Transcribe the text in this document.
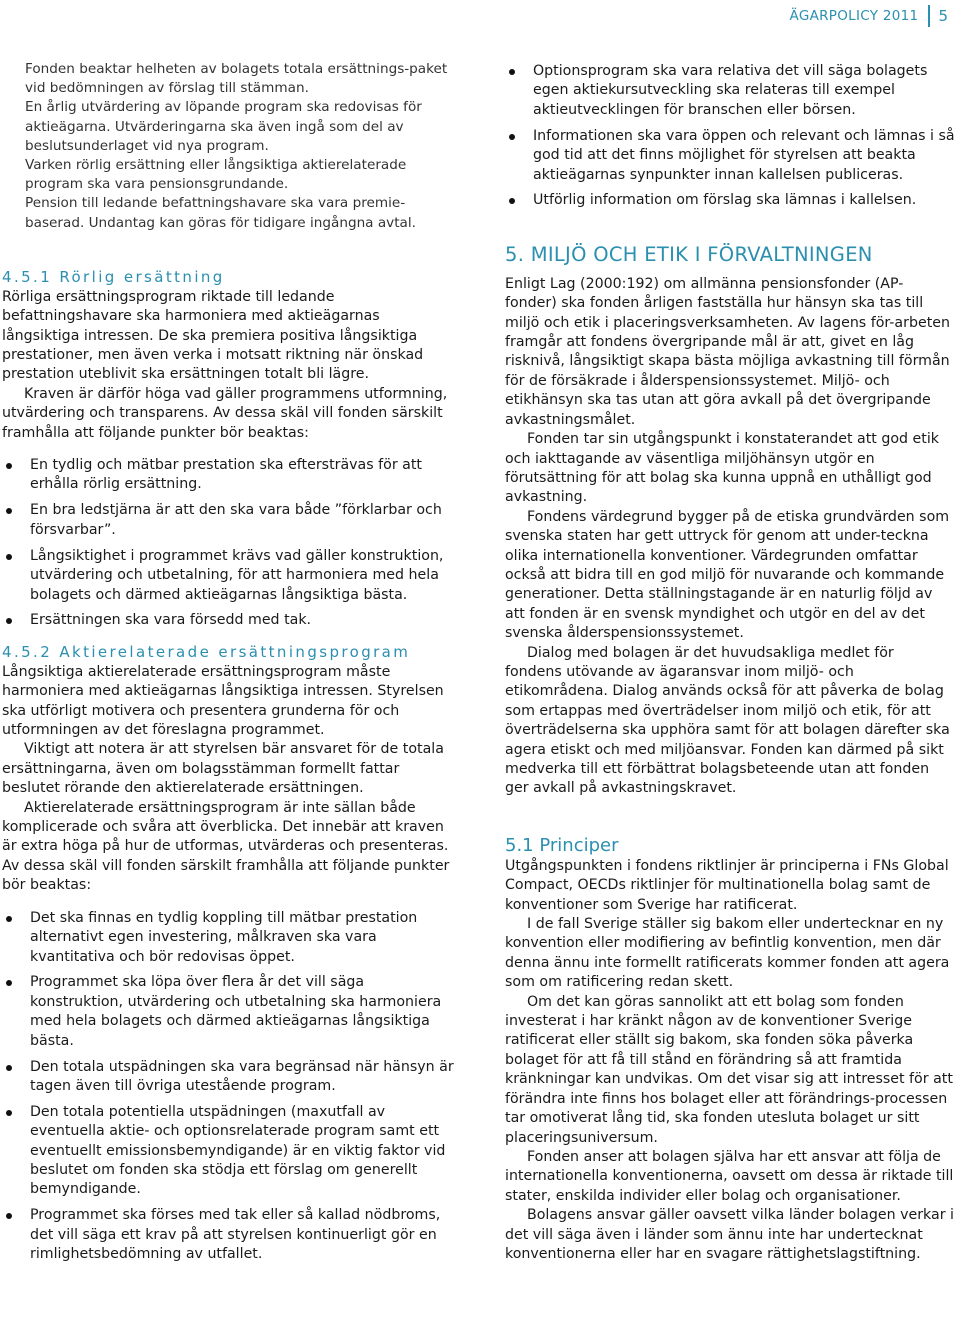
ÄGARPOLICY 2011 5

Fonden beaktar helheten av bolagets totala ersättnings-paket vid bedömningen av förslag till stämman.

En årlig utvärdering av löpande program ska redovisas för aktieägarna. Utvärderingarna ska även ingå som del av beslutsunderlaget vid nya program.

Varken rörlig ersättning eller långsiktiga aktierelaterade program ska vara pensionsgrundande.

Pension till ledande befattningshavare ska vara premie-baserad. Undantag kan göras för tidigare ingångna avtal.

4.5.1 Rörlig ersättning

Rörliga ersättningsprogram riktade till ledande befattningshavare ska harmoniera med aktieägarnas långsiktiga intressen. De ska premiera positiva långsiktiga prestationer, men även verka i motsatt riktning när önskad prestation uteblivit ska ersättningen totalt bli lägre.

Kraven är därför höga vad gäller programmens utformning, utvärdering och transparens. Av dessa skäl vill fonden särskilt framhålla att följande punkter bör beaktas:

En tydlig och mätbar prestation ska eftersträvas för att erhålla rörlig ersättning.
En bra ledstjärna är att den ska vara både ”förklarbar och försvarbar”.
Långsiktighet i programmet krävs vad gäller konstruktion, utvärdering och utbetalning, för att harmoniera med hela bolagets och därmed aktieägarnas långsiktiga bästa.
Ersättningen ska vara försedd med tak.
4.5.2 Aktierelaterade ersättningsprogram

Långsiktiga aktierelaterade ersättningsprogram måste harmoniera med aktieägarnas långsiktiga intressen. Styrelsen ska utförligt motivera och presentera grunderna för och utformningen av det föreslagna programmet.

Viktigt att notera är att styrelsen bär ansvaret för de totala ersättningarna, även om bolagsstämman formellt fattar beslutet rörande den aktierelaterade ersättningen.

Aktierelaterade ersättningsprogram är inte sällan både komplicerade och svåra att överblicka. Det innebär att kraven är extra höga på hur de utformas, utvärderas och presenteras. Av dessa skäl vill fonden särskilt framhålla att följande punkter bör beaktas:

Det ska finnas en tydlig koppling till mätbar prestation alternativt egen investering, målkraven ska vara kvantitativa och bör redovisas öppet.
Programmet ska löpa över flera år det vill säga konstruktion, utvärdering och utbetalning ska harmoniera med hela bolagets och därmed aktieägarnas långsiktiga bästa.
Den totala utspädningen ska vara begränsad när hänsyn är tagen även till övriga utestående program.
Den totala potentiella utspädningen (maxutfall av eventuella aktie- och optionsrelaterade program samt ett eventuellt emissionsbemyndigande) är en viktig faktor vid beslutet om fonden ska stödja ett förslag om generellt bemyndigande.
Programmet ska förses med tak eller så kallad nödbroms, det vill säga ett krav på att styrelsen kontinuerligt gör en rimlighetsbedömning av utfallet.
Optionsprogram ska vara relativa det vill säga bolagets egen aktiekursutveckling ska relateras till exempel aktieutvecklingen för branschen eller börsen.
Informationen ska vara öppen och relevant och lämnas i så god tid att det finns möjlighet för styrelsen att beakta aktieägarnas synpunkter innan kallelsen publiceras.
Utförlig information om förslag ska lämnas i kallelsen.
5. MILJÖ OCH ETIK I FÖRVALTNINGEN

Enligt Lag (2000:192) om allmänna pensionsfonder (AP-fonder) ska fonden årligen fastställa hur hänsyn ska tas till miljö och etik i placeringsverksamheten. Av lagens för-arbeten framgår att fondens övergripande mål är att, givet en låg risknivå, långsiktigt skapa bästa möjliga avkastning till förmån för de försäkrade i ålderspensionssystemet. Miljö- och etikhänsyn ska tas utan att göra avkall på det övergripande avkastningsmålet.

Fonden tar sin utgångspunkt i konstaterandet att god etik och iakttagande av väsentliga miljöhänsyn utgör en förutsättning för att bolag ska kunna uppnå en uthålligt god avkastning.

Fondens värdegrund bygger på de etiska grundvärden som svenska staten har gett uttryck för genom att under-teckna olika internationella konventioner. Värdegrunden omfattar också att bidra till en god miljö för nuvarande och kommande generationer. Detta ställningstagande är en naturlig följd av att fonden är en svensk myndighet och utgör en del av det svenska ålderspensionssystemet.

Dialog med bolagen är det huvudsakliga medlet för fondens utövande av ägaransvar inom miljö- och etikområdena. Dialog används också för att påverka de bolag som ertappas med överträdelser inom miljö och etik, för att överträdelserna ska upphöra samt för att bolagen därefter ska agera etiskt och med miljöansvar. Fonden kan därmed på sikt medverka till ett förbättrat bolagsbeteende utan att fonden ger avkall på avkastningskravet.

5.1 Principer

Utgångspunkten i fondens riktlinjer är principerna i FNs Global Compact, OECDs riktlinjer för multinationella bolag samt de konventioner som Sverige har ratificerat.

I de fall Sverige ställer sig bakom eller undertecknar en ny konvention eller modifiering av befintlig konvention, men där denna ännu inte formellt ratificerats kommer fonden att agera som om ratificering redan skett.

Om det kan göras sannolikt att ett bolag som fonden investerat i har kränkt någon av de konventioner Sverige ratificerat eller ställt sig bakom, ska fonden söka påverka bolaget för att få till stånd en förändring så att framtida kränkningar kan undvikas. Om det visar sig att intresset för att förändra inte finns hos bolaget eller att förändrings-processen tar omotiverat lång tid, ska fonden utesluta bolaget ur sitt placeringsuniversum.

Fonden anser att bolagen själva har ett ansvar att följa de internationella konventionerna, oavsett om dessa är riktade till stater, enskilda individer eller bolag och organisationer.

Bolagens ansvar gäller oavsett vilka länder bolagen verkar i det vill säga även i länder som ännu inte har undertecknat konventionerna eller har en svagare rättighetslagstiftning.
